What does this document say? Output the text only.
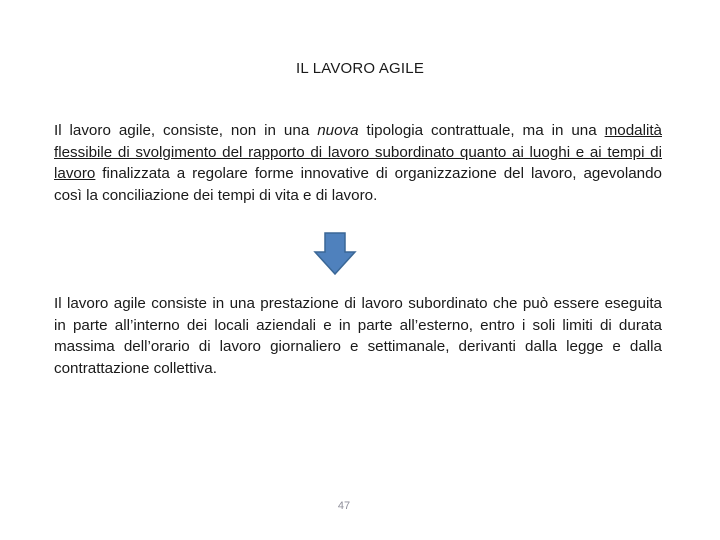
IL LAVORO AGILE

Il lavoro agile, consiste, non in una nuova tipologia contrattuale, ma in una modalità flessibile di svolgimento del rapporto di lavoro subordinato quanto ai luoghi e ai tempi di lavoro finalizzata a regolare forme innovative di organizzazione del lavoro, agevolando così la conciliazione dei tempi di vita e di lavoro.

Il lavoro agile consiste in una prestazione di lavoro subordinato che può essere eseguita in parte all’interno dei locali aziendali e in parte all’esterno, entro i soli limiti di durata massima dell’orario di lavoro giornaliero e settimanale, derivanti dalla legge e dalla contrattazione collettiva.

47
